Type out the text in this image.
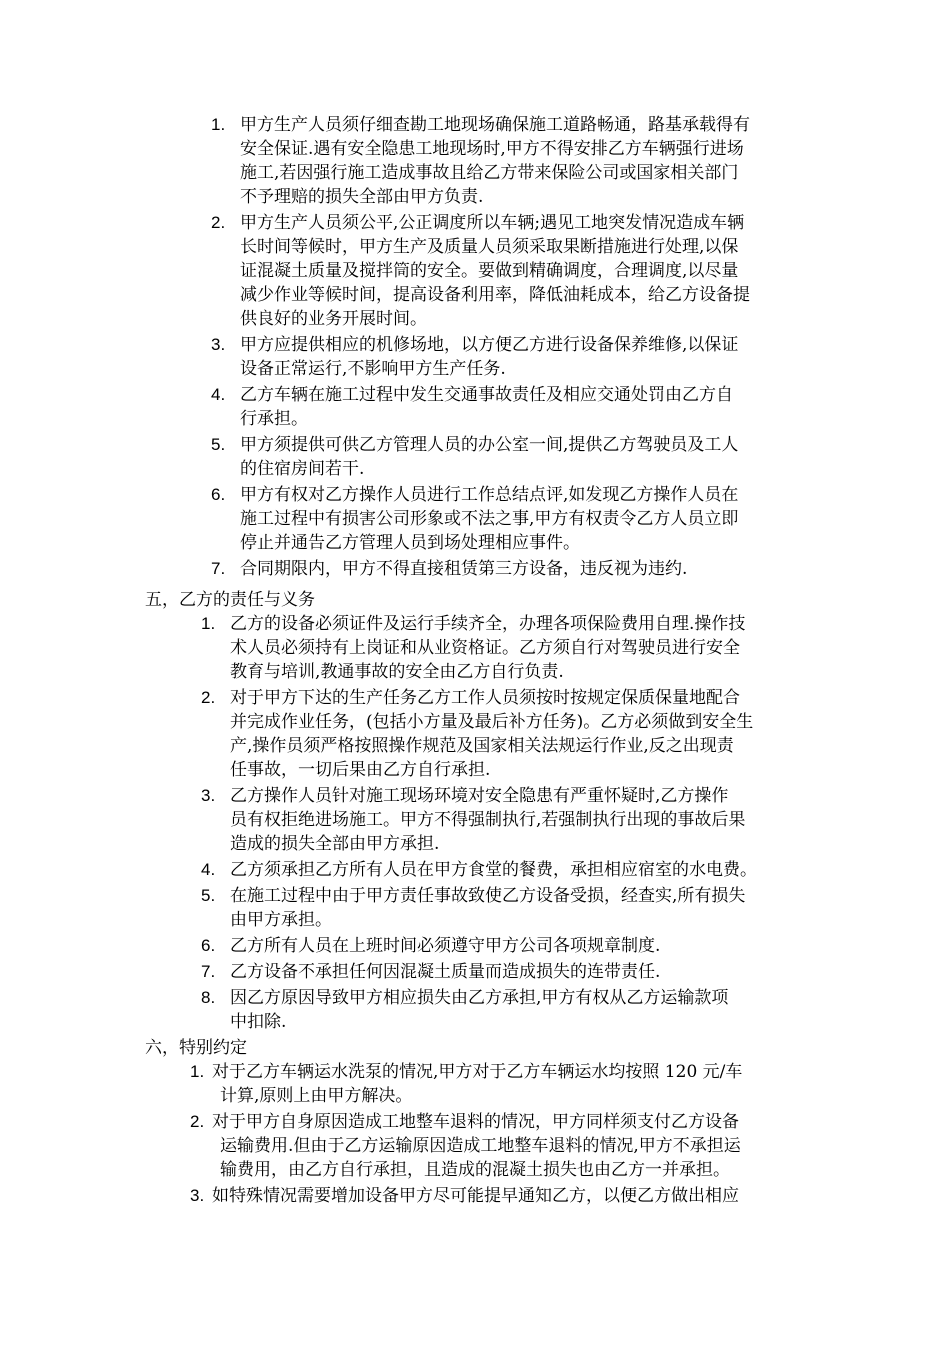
1. 甲方生产人员须仔细查勘工地现场确保施工道路畅通，路基承载得有
安全保证.遇有安全隐患工地现场时,甲方不得安排乙方车辆强行进场
施工,若因强行施工造成事故且给乙方带来保险公司或国家相关部门
不予理赔的损失全部由甲方负责.
2. 甲方生产人员须公平,公正调度所以车辆;遇见工地突发情况造成车辆
长时间等候时，甲方生产及质量人员须采取果断措施进行处理,以保
证混凝土质量及搅拌筒的安全。要做到精确调度，合理调度,以尽量
减少作业等候时间，提高设备利用率，降低油耗成本，给乙方设备提
供良好的业务开展时间。
3. 甲方应提供相应的机修场地，以方便乙方进行设备保养维修,以保证
设备正常运行,不影响甲方生产任务.
4. 乙方车辆在施工过程中发生交通事故责任及相应交通处罚由乙方自
行承担。
5. 甲方须提供可供乙方管理人员的办公室一间,提供乙方驾驶员及工人
的住宿房间若干.
6. 甲方有权对乙方操作人员进行工作总结点评,如发现乙方操作人员在
施工过程中有损害公司形象或不法之事,甲方有权责令乙方人员立即
停止并通告乙方管理人员到场处理相应事件。
7. 合同期限内，甲方不得直接租赁第三方设备，违反视为违约.
五，乙方的责任与义务
1. 乙方的设备必须证件及运行手续齐全，办理各项保险费用自理.操作技
术人员必须持有上岗证和从业资格证。乙方须自行对驾驶员进行安全
教育与培训,教通事故的安全由乙方自行负责.
2. 对于甲方下达的生产任务乙方工作人员须按时按规定保质保量地配合
并完成作业任务，(包括小方量及最后补方任务)。乙方必须做到安全生
产,操作员须严格按照操作规范及国家相关法规运行作业,反之出现责
任事故，一切后果由乙方自行承担.
3. 乙方操作人员针对施工现场环境对安全隐患有严重怀疑时,乙方操作
员有权拒绝进场施工。甲方不得强制执行,若强制执行出现的事故后果
造成的损失全部由甲方承担.
4. 乙方须承担乙方所有人员在甲方食堂的餐费，承担相应宿室的水电费。
5. 在施工过程中由于甲方责任事故致使乙方设备受损，经查实,所有损失
由甲方承担。
6. 乙方所有人员在上班时间必须遵守甲方公司各项规章制度.
7. 乙方设备不承担任何因混凝土质量而造成损失的连带责任.
8. 因乙方原因导致甲方相应损失由乙方承担,甲方有权从乙方运输款项
中扣除.
六，特别约定
1. 对于乙方车辆运水洗泵的情况,甲方对于乙方车辆运水均按照 120 元/车
计算,原则上由甲方解决。
2. 对于甲方自身原因造成工地整车退料的情况，甲方同样须支付乙方设备
运输费用.但由于乙方运输原因造成工地整车退料的情况,甲方不承担运
输费用，由乙方自行承担，且造成的混凝土损失也由乙方一并承担。
3. 如特殊情况需要增加设备甲方尽可能提早通知乙方，以便乙方做出相应
